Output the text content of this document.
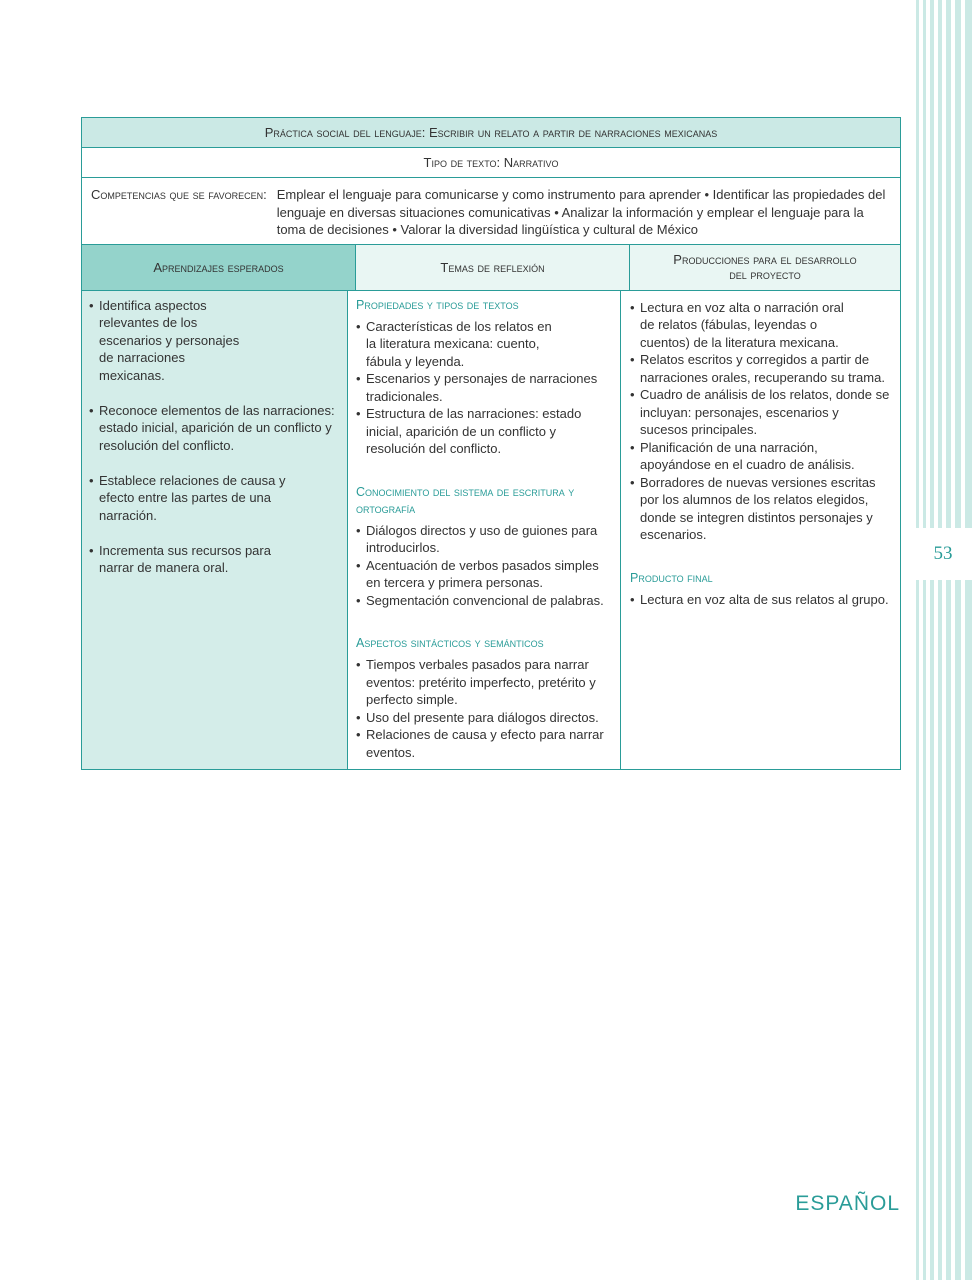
53
Práctica social del lenguaje: Escribir un relato a partir de narraciones mexicanas
Tipo de texto: Narrativo
Competencias que se favorecen: Emplear el lenguaje para comunicarse y como instrumento para aprender • Identificar las propiedades del lenguaje en diversas situaciones comunicativas • Analizar la información y emplear el lenguaje para la toma de decisiones • Valorar la diversidad lingüística y cultural de México
Aprendizajes esperados	Temas de reflexión	Producciones para el desarrollo del proyecto
• Identifica aspectos relevantes de los escenarios y personajes de narraciones mexicanas.
• Reconoce elementos de las narraciones: estado inicial, aparición de un conflicto y resolución del conflicto.
• Establece relaciones de causa y efecto entre las partes de una narración.
• Incrementa sus recursos para narrar de manera oral.
Propiedades y tipos de textos
• Características de los relatos en la literatura mexicana: cuento, fábula y leyenda.
• Escenarios y personajes de narraciones tradicionales.
• Estructura de las narraciones: estado inicial, aparición de un conflicto y resolución del conflicto.
Conocimiento del sistema de escritura y ortografía
• Diálogos directos y uso de guiones para introducirlos.
• Acentuación de verbos pasados simples en tercera y primera personas.
• Segmentación convencional de palabras.
Aspectos sintácticos y semánticos
• Tiempos verbales pasados para narrar eventos: pretérito imperfecto, pretérito y perfecto simple.
• Uso del presente para diálogos directos.
• Relaciones de causa y efecto para narrar eventos.
• Lectura en voz alta o narración oral de relatos (fábulas, leyendas o cuentos) de la literatura mexicana.
• Relatos escritos y corregidos a partir de narraciones orales, recuperando su trama.
• Cuadro de análisis de los relatos, donde se incluyan: personajes, escenarios y sucesos principales.
• Planificación de una narración, apoyándose en el cuadro de análisis.
• Borradores de nuevas versiones escritas por los alumnos de los relatos elegidos, donde se integren distintos personajes y escenarios.
Producto final
• Lectura en voz alta de sus relatos al grupo.
ESPAÑOL
